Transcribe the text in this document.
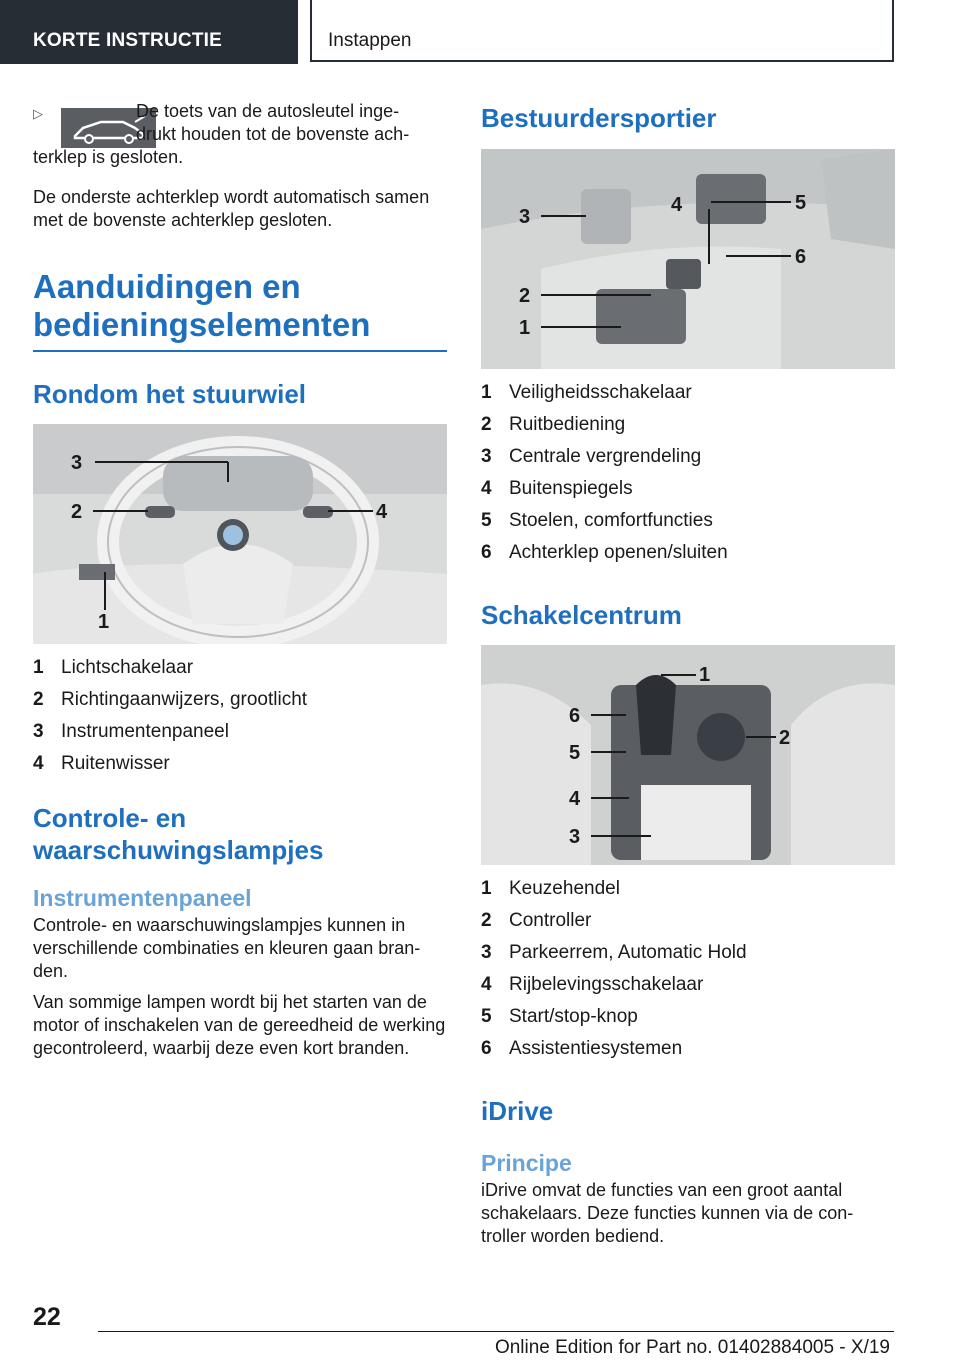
KORTE INSTRUCTIE	Instappen
▷	De toets van de autosleutel inge-

drukt houden tot de bovenste ach-

terklep is gesloten.

De onderste achterklep wordt automatisch samen met de bovenste achterklep gesloten.

Aanduidingen en bedieningselementen
Rondom het stuurwiel
3
2	4
1
1 Lichtschakelaar
2 Richtingaanwijzers, grootlicht
3 Instrumentenpaneel
4 Ruitenwisser
Controle- en waarschuwingslampjes
Instrumentenpaneel

Controle- en waarschuwingslampjes kunnen in verschillende combinaties en kleuren gaan bran-den.

Van sommige lampen wordt bij het starten van de motor of inschakelen van de gereedheid de werking gecontroleerd, waarbij deze even kort branden.

Bestuurdersportier
3
4	5
6
2
1
1 Veiligheidsschakelaar
2 Ruitbediening
3 Centrale vergrendeling
4 Buitenspiegels
5 Stoelen, comfortfuncties
6 Achterklep openen/sluiten
Schakelcentrum
1
2
6
5
4
3
1 Keuzehendel
2 Controller
3 Parkeerrem, Automatic Hold
4 Rijbelevingsschakelaar
5 Start/stop-knop
6 Assistentiesystemen
iDrive
Principe

iDrive omvat de functies van een groot aantal schakelaars. Deze functies kunnen via de con-troller worden bediend.

22
Online Edition for Part no. 01402884005 - X/19
